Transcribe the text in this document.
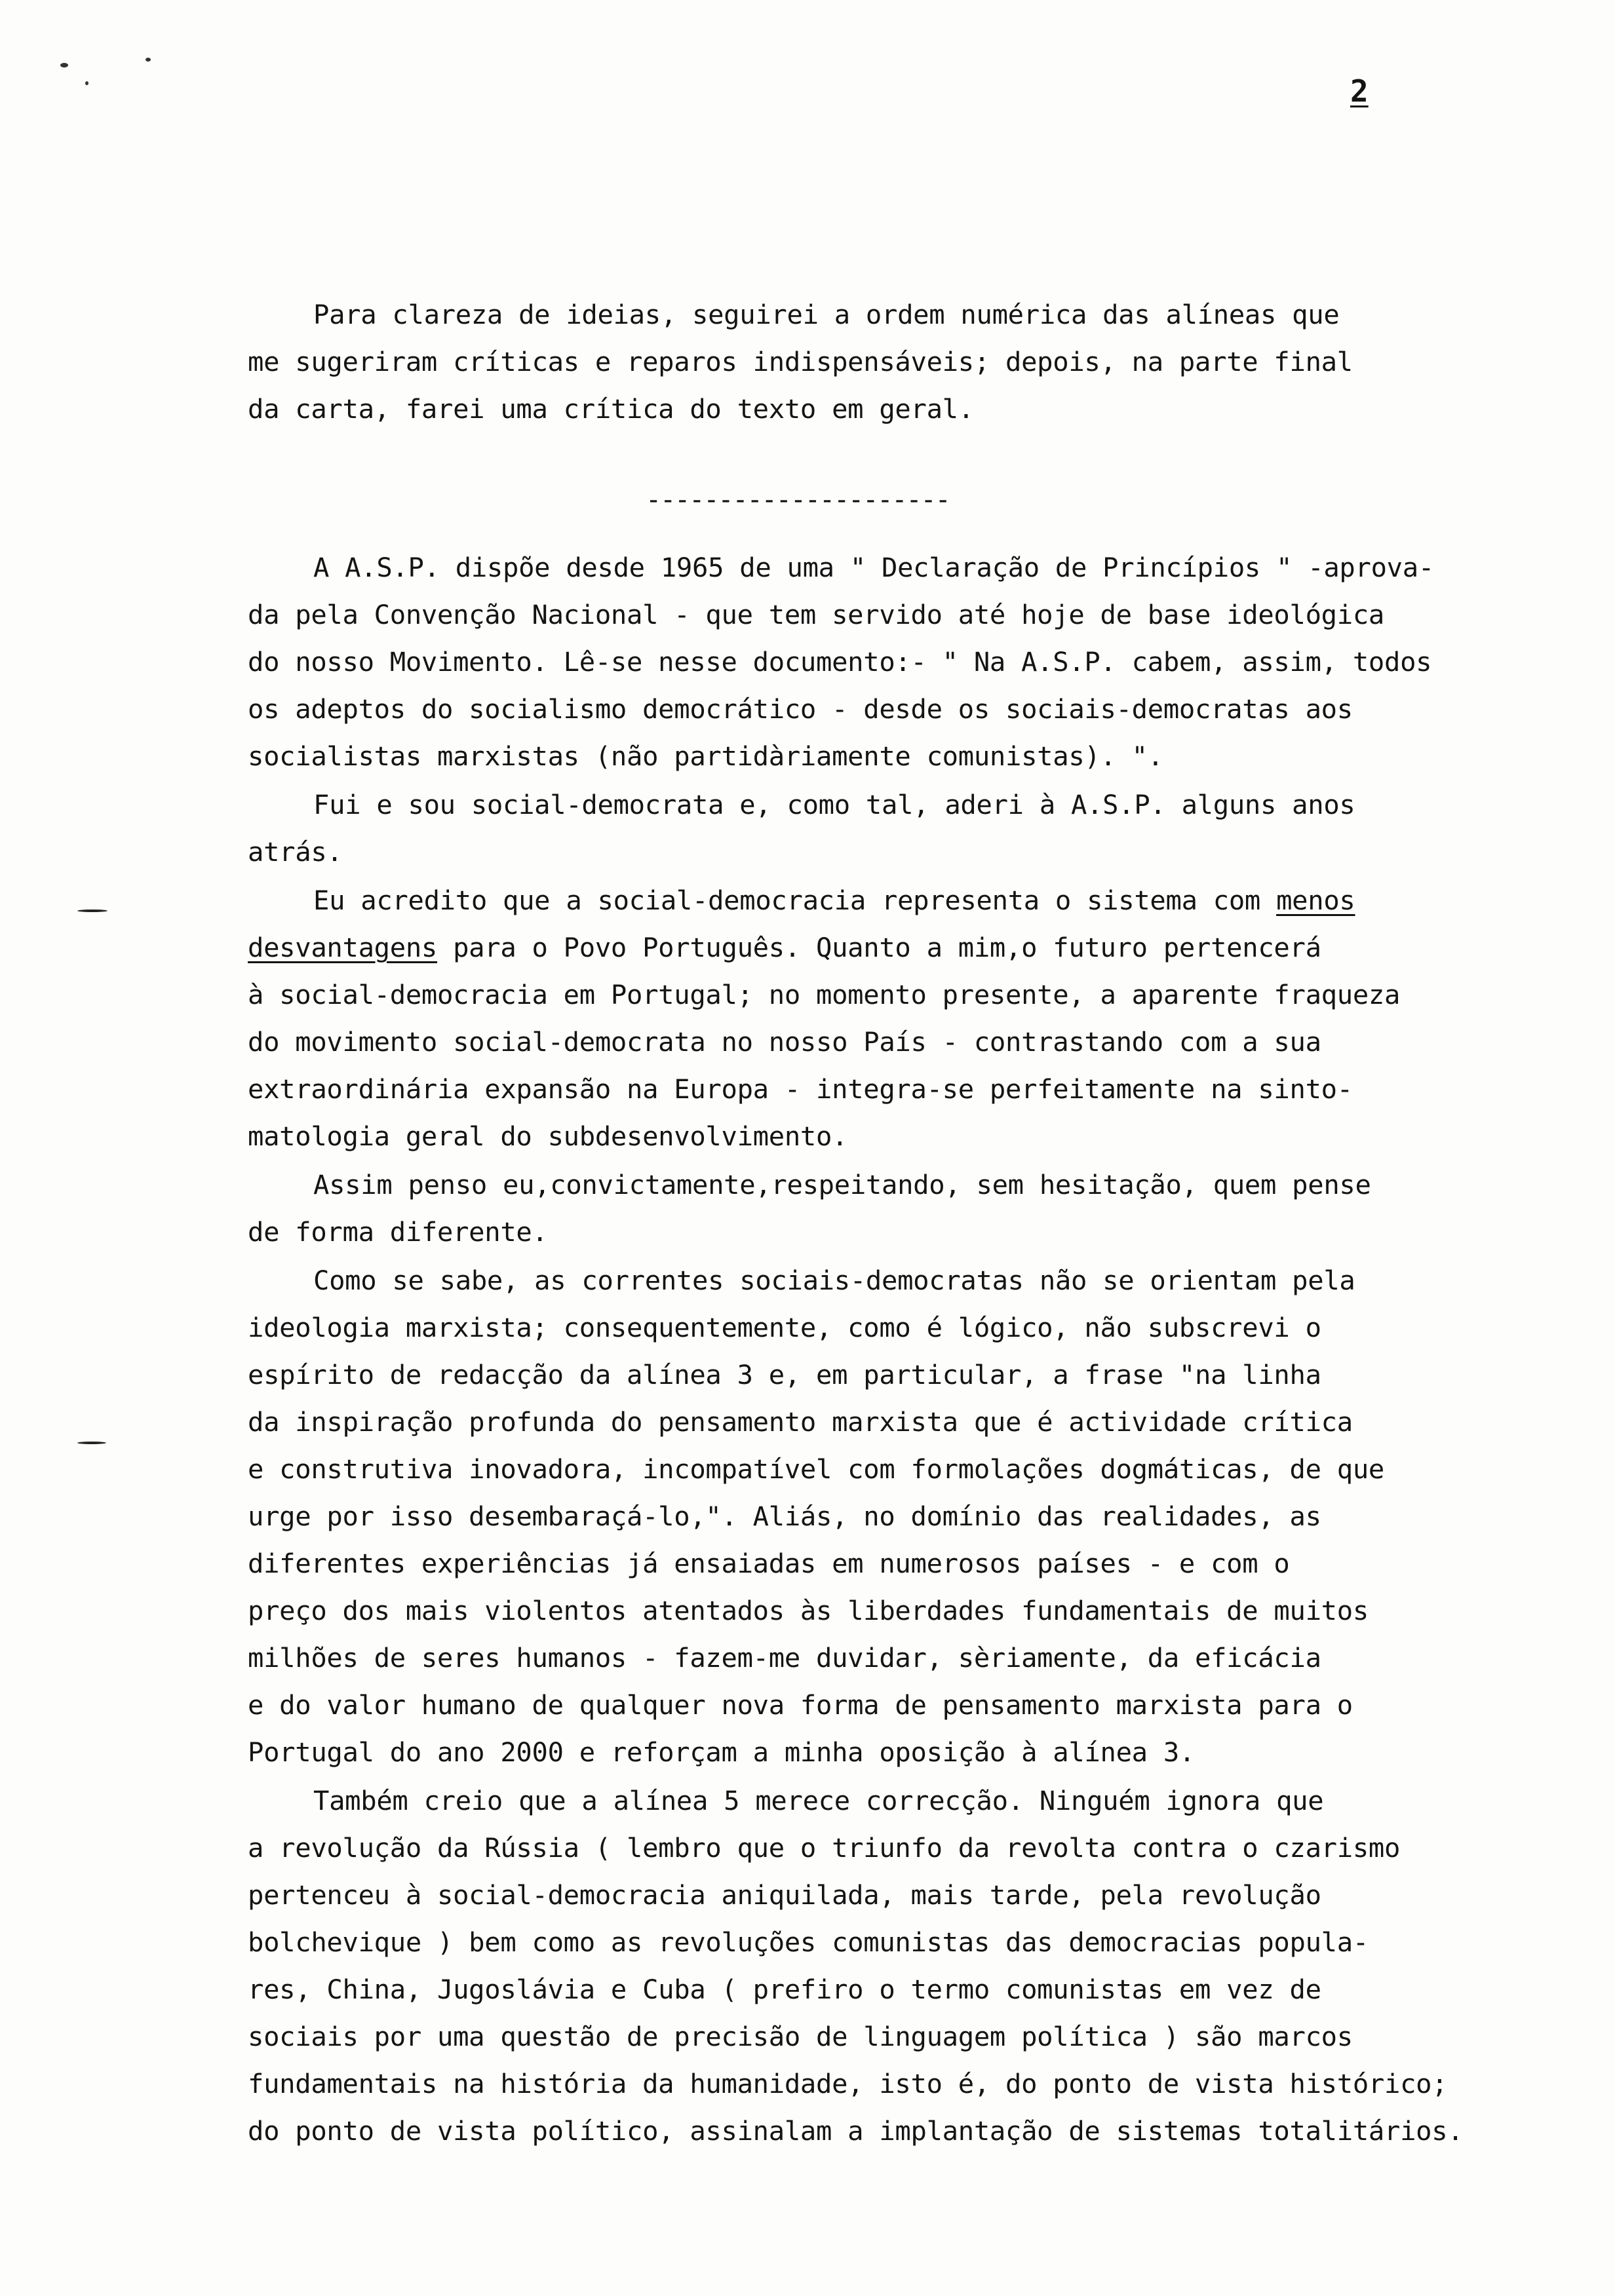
2
Para clareza de ideias, seguirei a ordem numérica das alíneas que
me sugeriram críticas e reparos indispensáveis; depois, na parte final
da carta, farei uma crítica do texto em geral.
---------------------
A A.S.P. dispõe desde 1965 de uma " Declaração de Princípios " -aprova-
da pela Convenção Nacional - que tem servido até hoje de base ideológica
do nosso Movimento. Lê-se nesse documento:- " Na A.S.P. cabem, assim, todos
os adeptos do socialismo democrático - desde os sociais-democratas aos
socialistas marxistas (não partidàriamente comunistas). ".
Fui e sou social-democrata e, como tal, aderi à A.S.P. alguns anos
atrás.
Eu acredito que a social-democracia representa o sistema com menos
desvantagens para o Povo Português. Quanto a mim,o futuro pertencerá
à social-democracia em Portugal; no momento presente, a aparente fraqueza
do movimento social-democrata no nosso País - contrastando com a sua
extraordinária expansão na Europa - integra-se perfeitamente na sinto-
matologia geral do subdesenvolvimento.
Assim penso eu,convictamente,respeitando, sem hesitação, quem pense
de forma diferente.
Como se sabe, as correntes sociais-democratas não se orientam pela
ideologia marxista; consequentemente, como é lógico, não subscrevi o
espírito de redacção da alínea 3 e, em particular, a frase "na linha
da inspiração profunda do pensamento marxista que é actividade crítica
e construtiva inovadora, incompatível com formolações dogmáticas, de que
urge por isso desembaraçá-lo,". Aliás, no domínio das realidades, as
diferentes experiências já ensaiadas em numerosos países - e com o
preço dos mais violentos atentados às liberdades fundamentais de muitos
milhões de seres humanos - fazem-me duvidar, sèriamente, da eficácia
e do valor humano de qualquer nova forma de pensamento marxista para o
Portugal do ano 2000 e reforçam a minha oposição à alínea 3.
Também creio que a alínea 5 merece correcção. Ninguém ignora que
a revolução da Rússia ( lembro que o triunfo da revolta contra o czarismo
pertenceu à social-democracia aniquilada, mais tarde, pela revolução
bolchevique ) bem como as revoluções comunistas das democracias popula-
res, China, Jugoslávia e Cuba ( prefiro o termo comunistas em vez de
sociais por uma questão de precisão de linguagem política ) são marcos
fundamentais na história da humanidade, isto é, do ponto de vista histórico;
do ponto de vista político, assinalam a implantação de sistemas totalitários.
